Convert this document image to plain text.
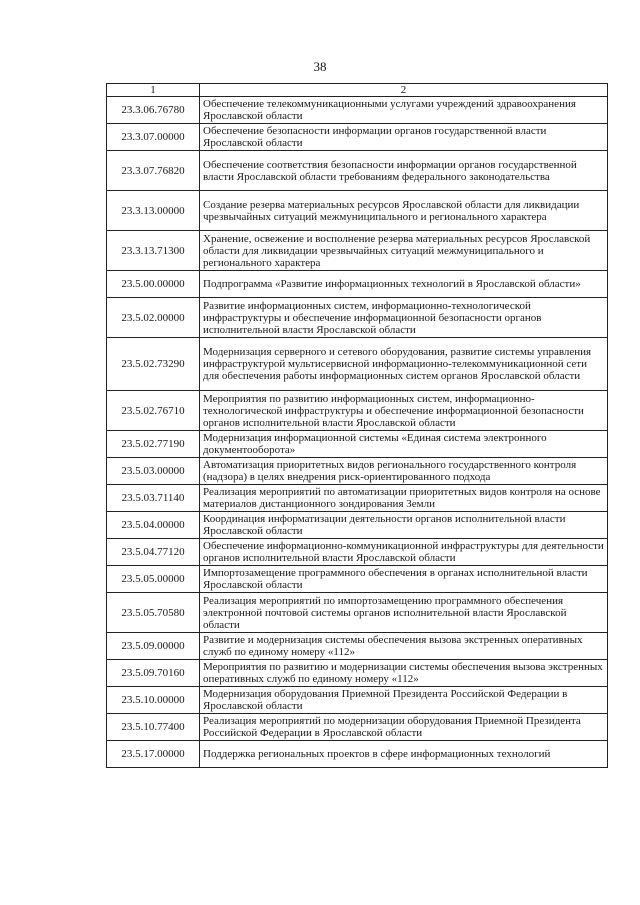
38
1	2
23.3.06.76780	Обеспечение телекоммуникационными услугами учреждений здравоохранения Ярославской области
23.3.07.00000	Обеспечение безопасности информации органов государственной власти Ярославской области
23.3.07.76820	Обеспечение соответствия безопасности информации органов государственной власти Ярославской области требованиям федерального законодательства
23.3.13.00000	Создание резерва материальных ресурсов Ярославской области для ликвидации чрезвычайных ситуаций межмуниципального и регионального характера
23.3.13.71300	Хранение, освежение и восполнение резерва материальных ресурсов Ярославской области для ликвидации чрезвычайных ситуаций межмуниципального и регионального характера
23.5.00.00000	Подпрограмма «Развитие информационных технологий в Ярославской области»
23.5.02.00000	Развитие информационных систем, информационно-технологической инфраструктуры и обеспечение информационной безопасности органов исполнительной власти Ярославской области
23.5.02.73290	Модернизация серверного и сетевого оборудования, развитие системы управления инфраструктурой мультисервисной информационно-телекоммуникационной сети для обеспечения работы информационных систем органов Ярославской области
23.5.02.76710	Мероприятия по развитию информационных систем, информационно-технологической инфраструктуры и обеспечение информационной безопасности органов исполнительной власти Ярославской области
23.5.02.77190	Модернизация информационной системы «Единая система электронного документооборота»
23.5.03.00000	Автоматизация приоритетных видов регионального государственного контроля (надзора) в целях внедрения риск-ориентированного подхода
23.5.03.71140	Реализация мероприятий по автоматизации приоритетных видов контроля на основе материалов дистанционного зондирования Земли
23.5.04.00000	Координация информатизации деятельности органов исполнительной власти Ярославской области
23.5.04.77120	Обеспечение информационно-коммуникационной инфраструктуры для деятельности органов исполнительной власти Ярославской области
23.5.05.00000	Импортозамещение программного обеспечения в органах исполнительной власти Ярославской области
23.5.05.70580	Реализация мероприятий по импортозамещению программного обеспечения электронной почтовой системы органов исполнительной власти Ярославской области
23.5.09.00000	Развитие и модернизация системы обеспечения вызова экстренных оперативных служб по единому номеру «112»
23.5.09.70160	Мероприятия по развитию и модернизации системы обеспечения вызова экстренных оперативных служб по единому номеру «112»
23.5.10.00000	Модернизация оборудования Приемной Президента Российской Федерации в Ярославской области
23.5.10.77400	Реализация мероприятий по модернизации оборудования Приемной Президента Российской Федерации в Ярославской области
23.5.17.00000	Поддержка региональных проектов в сфере информационных технологий
